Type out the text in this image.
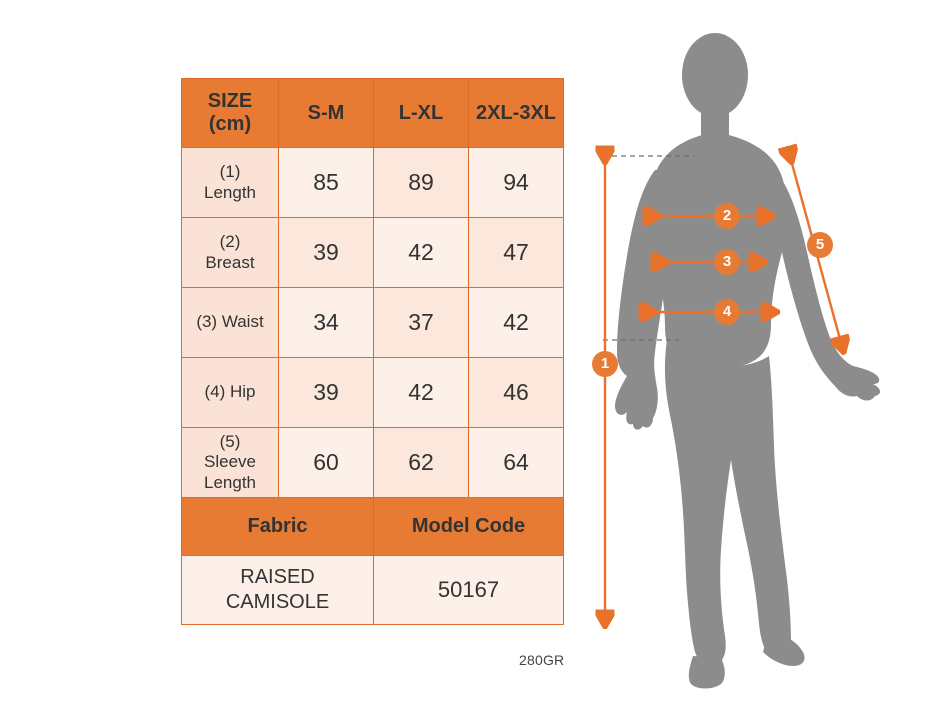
SIZE
(cm)	S-M	L-XL	2XL-3XL

(1)
Length	85	89	94

(2)
Breast	39	42	47

(3) Waist	34	37	42

(4) Hip	39	42	46

(5)
Sleeve
Length	60	62	64
Fabric		Model Code	

RAISED
CAMISOLE		50167	
280GR
1
2
3
4
5
